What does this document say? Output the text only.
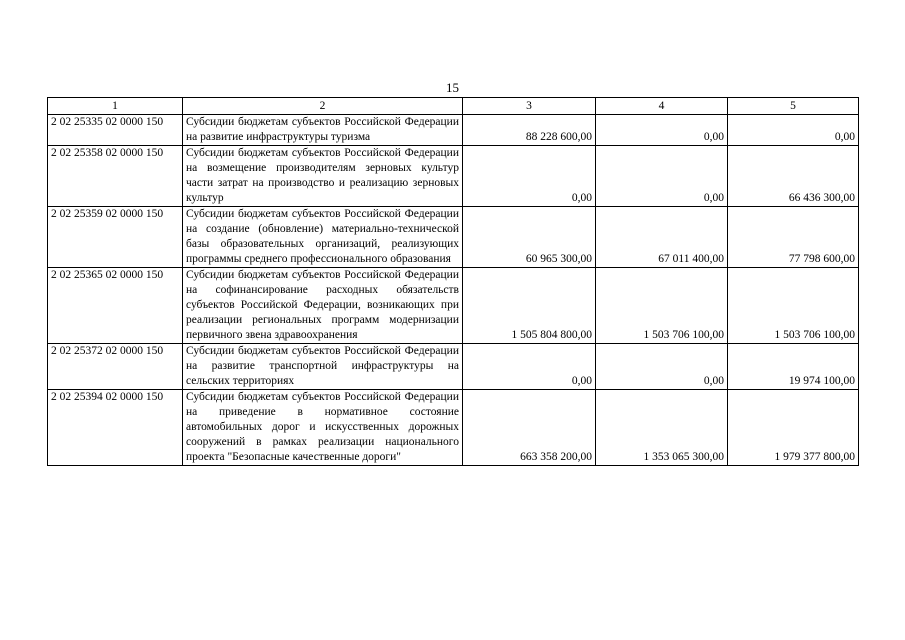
15
1	2	3	4	5
2 02 25335 02 0000 150	Субсидии бюджетам субъектов Российской Федерации на развитие инфраструктуры туризма	88 228 600,00	0,00	0,00
2 02 25358 02 0000 150	Субсидии бюджетам субъектов Российской Федерации на возмещение производителям зерновых культур части затрат на производство и реализацию зерновых культур	0,00	0,00	66 436 300,00
2 02 25359 02 0000 150	Субсидии бюджетам субъектов Российской Федерации на создание (обновление) материально-технической базы образовательных организаций, реализующих программы среднего профессионального образования	60 965 300,00	67 011 400,00	77 798 600,00
2 02 25365 02 0000 150	Субсидии бюджетам субъектов Российской Федерации на софинансирование расходных обязательств субъектов Российской Федерации, возникающих при реализации региональных программ модернизации первичного звена здравоохранения	1 505 804 800,00	1 503 706 100,00	1 503 706 100,00
2 02 25372 02 0000 150	Субсидии бюджетам субъектов Российской Федерации на развитие транспортной инфраструктуры на сельских территориях	0,00	0,00	19 974 100,00
2 02 25394 02 0000 150	Субсидии бюджетам субъектов Российской Федерации на приведение в нормативное состояние автомобильных дорог и искусственных дорожных сооружений в рамках реализации национального проекта "Безопасные качественные дороги"	663 358 200,00	1 353 065 300,00	1 979 377 800,00
